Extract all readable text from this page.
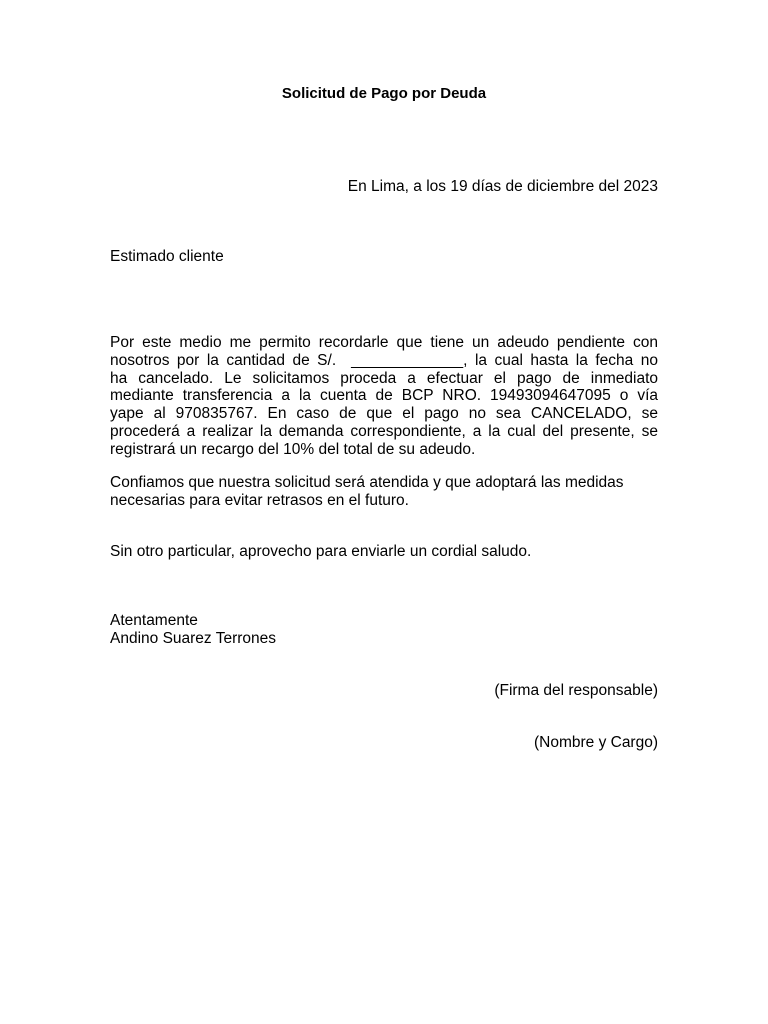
Solicitud de Pago por Deuda
En Lima, a los 19 días de diciembre del 2023
Estimado cliente
Por este medio me permito recordarle que tiene un adeudo pendiente con
nosotros por la cantidad de S/.  _____________, la cual hasta la fecha no
ha cancelado. Le solicitamos proceda a efectuar el pago de inmediato
mediante transferencia a la cuenta de BCP NRO. 19493094647095 o vía
yape al 970835767. En caso de que el pago no sea CANCELADO, se
procederá a realizar la demanda correspondiente, a la cual del presente, se
registrará un recargo del 10% del total de su adeudo.
Confiamos que nuestra solicitud será atendida y que adoptará las medidas
necesarias para evitar retrasos en el futuro.
Sin otro particular, aprovecho para enviarle un cordial saludo.
Atentamente
Andino Suarez Terrones
(Firma del responsable)
(Nombre y Cargo)
